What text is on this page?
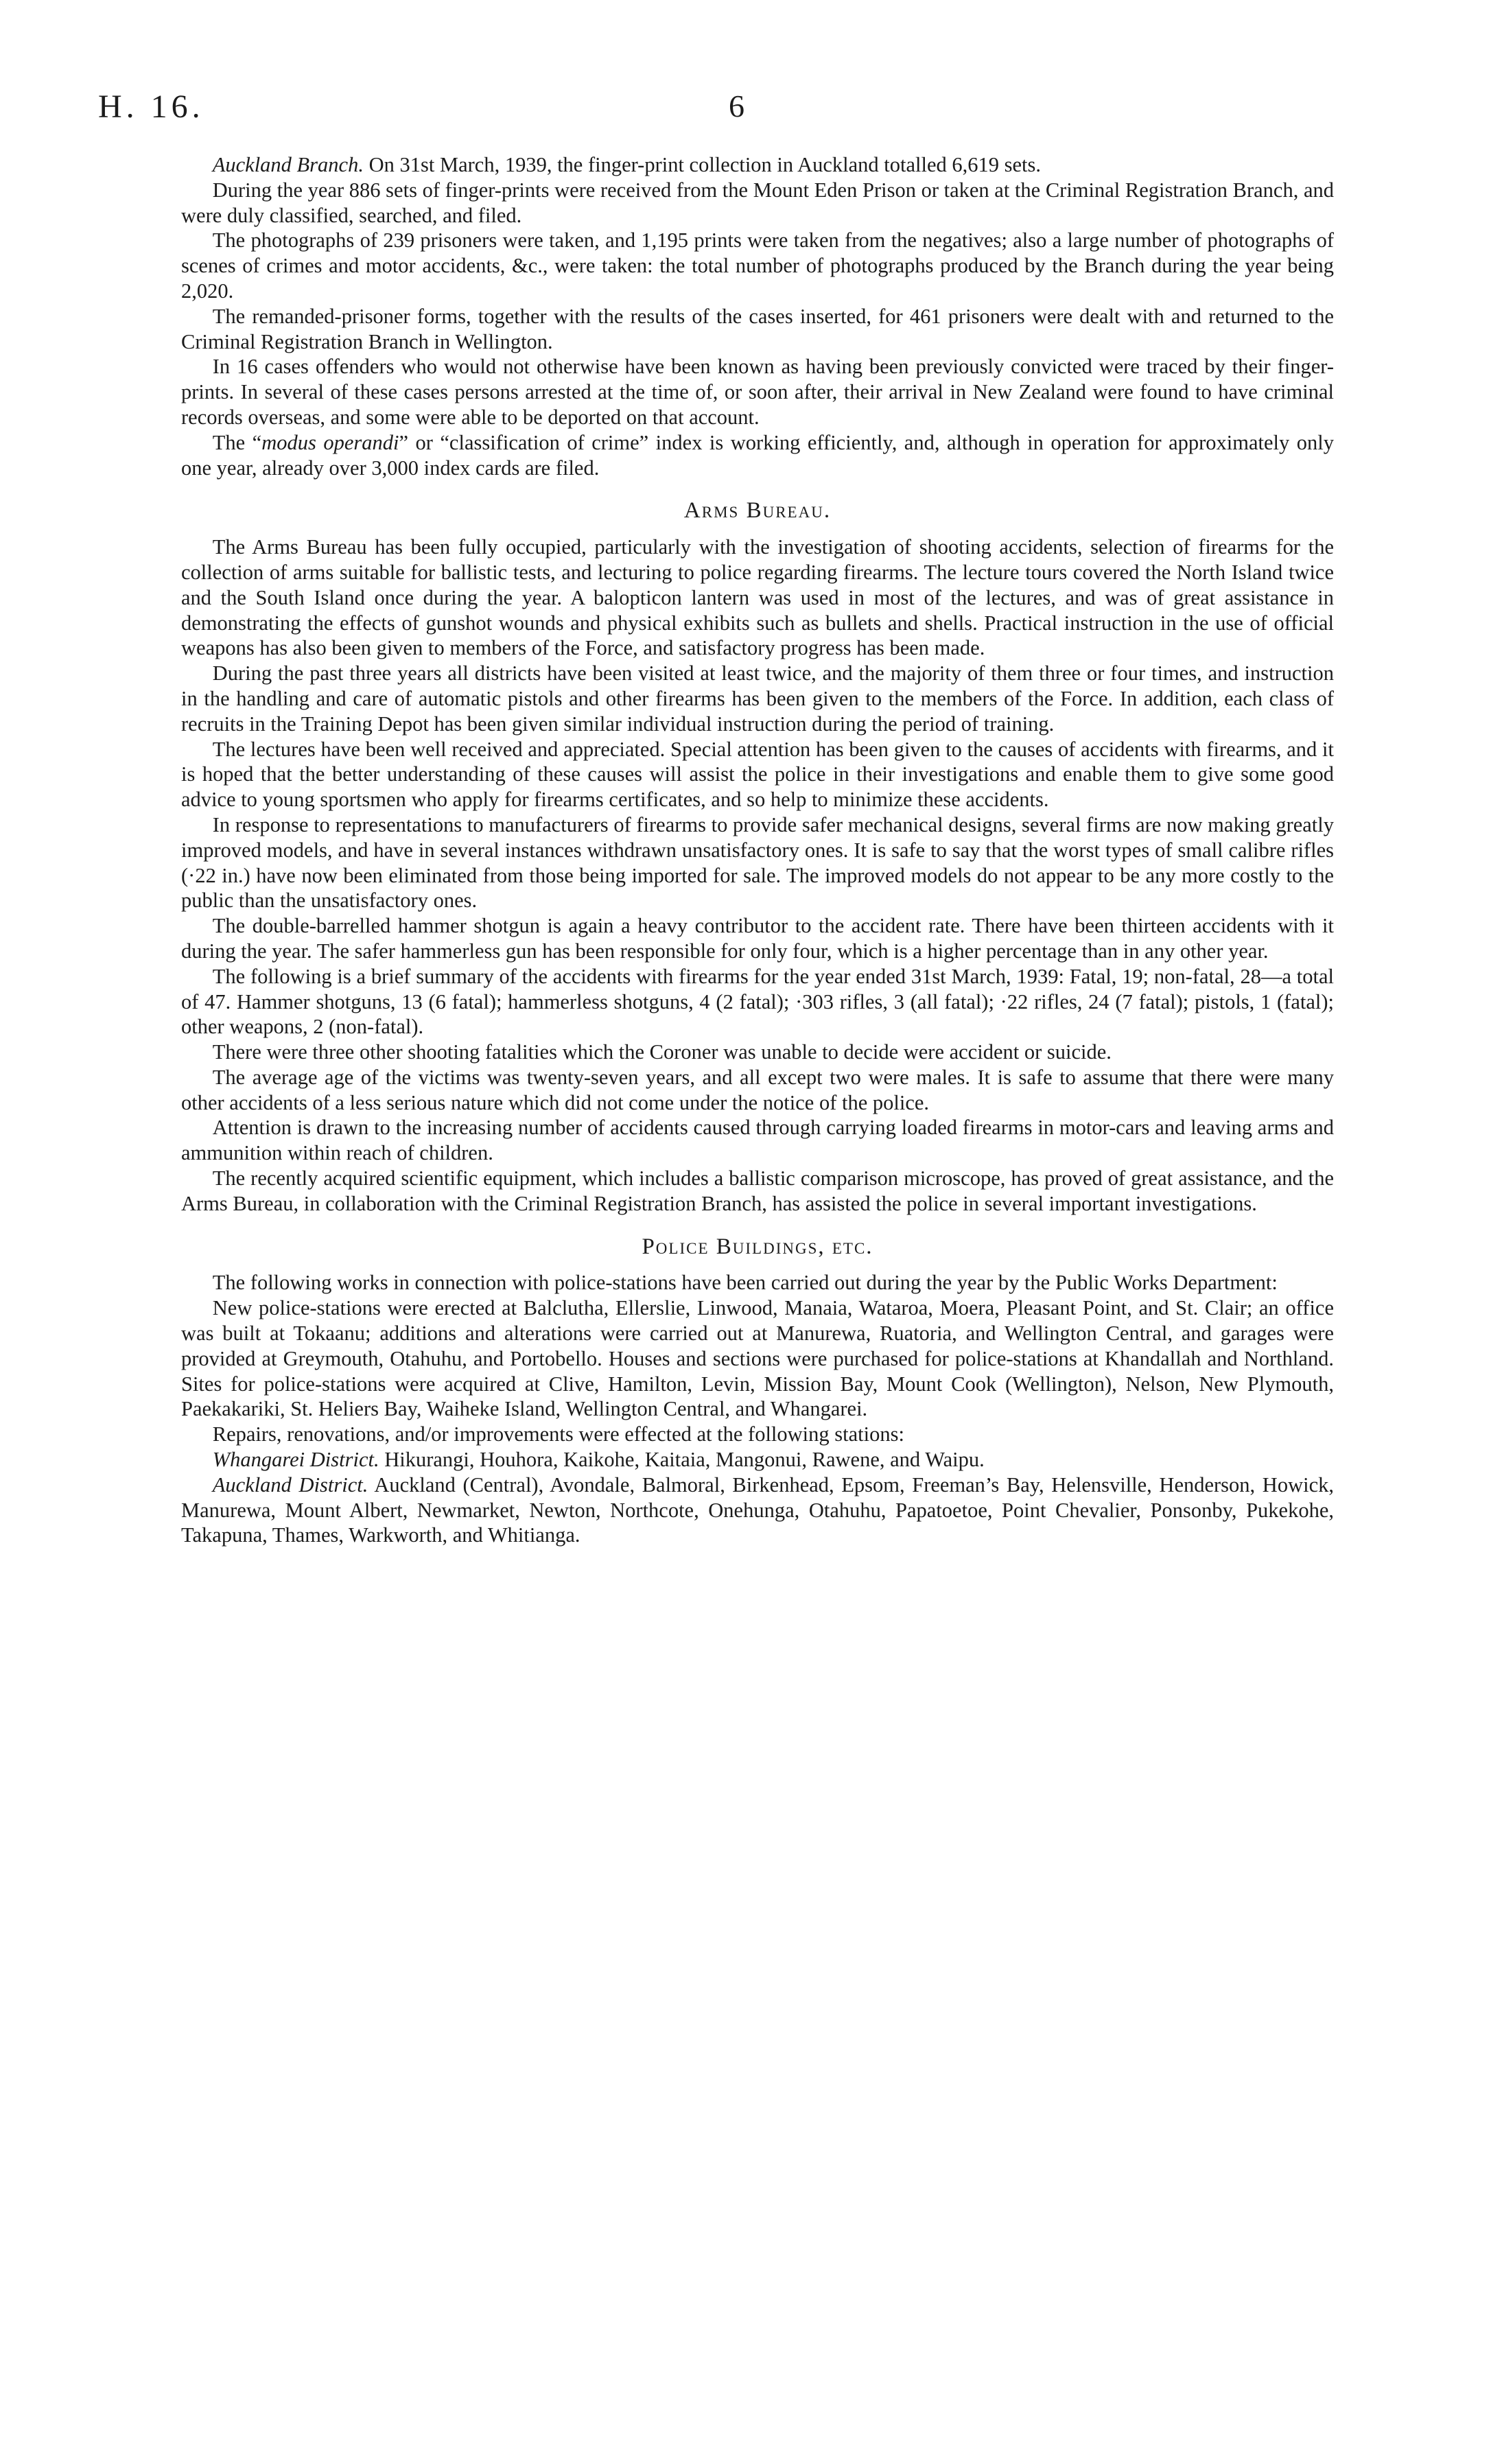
H. 16.	6

Auckland Branch. On 31st March, 1939, the finger-print collection in Auckland totalled 6,619 sets.

During the year 886 sets of finger-prints were received from the Mount Eden Prison or taken at the Criminal Registration Branch, and were duly classified, searched, and filed.

The photographs of 239 prisoners were taken, and 1,195 prints were taken from the negatives; also a large number of photographs of scenes of crimes and motor accidents, &c., were taken: the total number of photographs produced by the Branch during the year being 2,020.

The remanded-prisoner forms, together with the results of the cases inserted, for 461 prisoners were dealt with and returned to the Criminal Registration Branch in Wellington.

In 16 cases offenders who would not otherwise have been known as having been previously convicted were traced by their finger-prints. In several of these cases persons arrested at the time of, or soon after, their arrival in New Zealand were found to have criminal records overseas, and some were able to be deported on that account.

The “modus operandi” or “classification of crime” index is working efficiently, and, although in operation for approximately only one year, already over 3,000 index cards are filed.

Arms Bureau.

The Arms Bureau has been fully occupied, particularly with the investigation of shooting accidents, selection of firearms for the collection of arms suitable for ballistic tests, and lecturing to police regarding firearms. The lecture tours covered the North Island twice and the South Island once during the year. A balopticon lantern was used in most of the lectures, and was of great assistance in demonstrating the effects of gunshot wounds and physical exhibits such as bullets and shells. Practical instruction in the use of official weapons has also been given to members of the Force, and satisfactory progress has been made.

During the past three years all districts have been visited at least twice, and the majority of them three or four times, and instruction in the handling and care of automatic pistols and other firearms has been given to the members of the Force. In addition, each class of recruits in the Training Depot has been given similar individual instruction during the period of training.

The lectures have been well received and appreciated. Special attention has been given to the causes of accidents with firearms, and it is hoped that the better understanding of these causes will assist the police in their investigations and enable them to give some good advice to young sportsmen who apply for firearms certificates, and so help to minimize these accidents.

In response to representations to manufacturers of firearms to provide safer mechanical designs, several firms are now making greatly improved models, and have in several instances withdrawn unsatisfactory ones. It is safe to say that the worst types of small calibre rifles (·22 in.) have now been eliminated from those being imported for sale. The improved models do not appear to be any more costly to the public than the unsatisfactory ones.

The double-barrelled hammer shotgun is again a heavy contributor to the accident rate. There have been thirteen accidents with it during the year. The safer hammerless gun has been responsible for only four, which is a higher percentage than in any other year.

The following is a brief summary of the accidents with firearms for the year ended 31st March, 1939: Fatal, 19; non-fatal, 28—a total of 47. Hammer shotguns, 13 (6 fatal); hammerless shotguns, 4 (2 fatal); ·303 rifles, 3 (all fatal); ·22 rifles, 24 (7 fatal); pistols, 1 (fatal); other weapons, 2 (non-fatal).

There were three other shooting fatalities which the Coroner was unable to decide were accident or suicide.

The average age of the victims was twenty-seven years, and all except two were males. It is safe to assume that there were many other accidents of a less serious nature which did not come under the notice of the police.

Attention is drawn to the increasing number of accidents caused through carrying loaded firearms in motor-cars and leaving arms and ammunition within reach of children.

The recently acquired scientific equipment, which includes a ballistic comparison microscope, has proved of great assistance, and the Arms Bureau, in collaboration with the Criminal Registration Branch, has assisted the police in several important investigations.

Police Buildings, etc.

The following works in connection with police-stations have been carried out during the year by the Public Works Department:

New police-stations were erected at Balclutha, Ellerslie, Linwood, Manaia, Wataroa, Moera, Pleasant Point, and St. Clair; an office was built at Tokaanu; additions and alterations were carried out at Manurewa, Ruatoria, and Wellington Central, and garages were provided at Greymouth, Otahuhu, and Portobello. Houses and sections were purchased for police-stations at Khandallah and Northland. Sites for police-stations were acquired at Clive, Hamilton, Levin, Mission Bay, Mount Cook (Wellington), Nelson, New Plymouth, Paekakariki, St. Heliers Bay, Waiheke Island, Wellington Central, and Whangarei.

Repairs, renovations, and/or improvements were effected at the following stations:

Whangarei District. Hikurangi, Houhora, Kaikohe, Kaitaia, Mangonui, Rawene, and Waipu.

Auckland District. Auckland (Central), Avondale, Balmoral, Birkenhead, Epsom, Freeman’s Bay, Helensville, Henderson, Howick, Manurewa, Mount Albert, Newmarket, Newton, Northcote, Onehunga, Otahuhu, Papatoetoe, Point Chevalier, Ponsonby, Pukekohe, Takapuna, Thames, Warkworth, and Whitianga.
